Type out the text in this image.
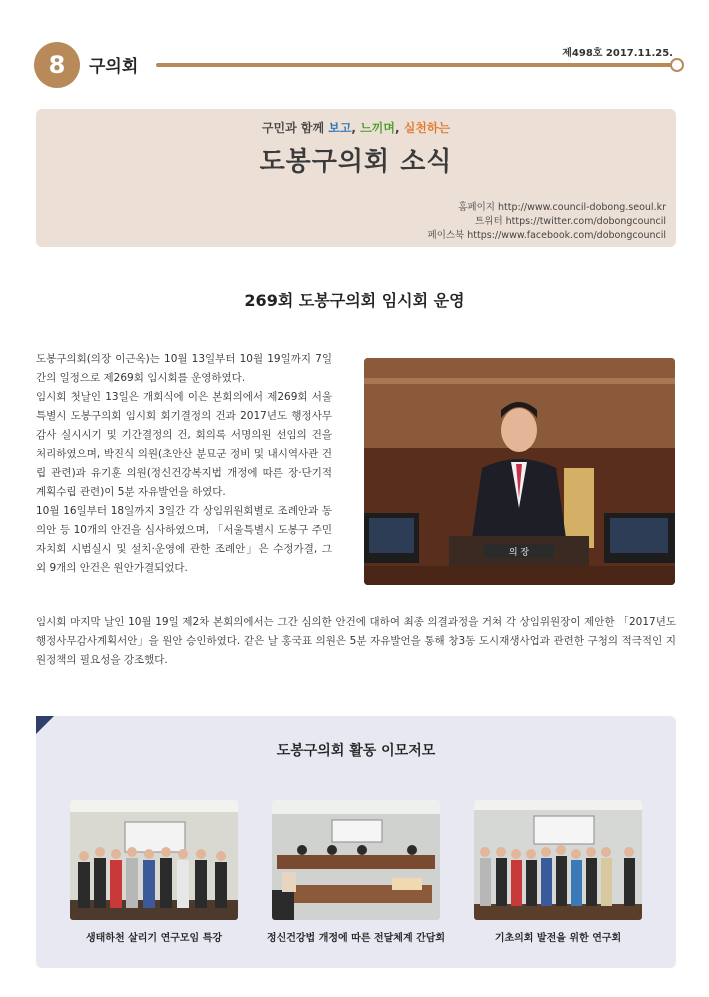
8	구의회
제498호 2017.11.25.
구민과 함께 보고, 느끼며, 실천하는
도봉구의회 소식
홈페이지 http://www.council-dobong.seoul.kr
트위터 https://twitter.com/dobongcouncil
페이스북 https://www.facebook.com/dobongcouncil
269회 도봉구의회 임시회 운영

도봉구의회(의장 이근옥)는 10월 13일부터 10월 19일까지 7일간의 일정으로 제269회 임시회를 운영하였다.

임시회 첫날인 13일은 개회식에 이은 본회의에서 제269회 서울특별시 도봉구의회 임시회 회기결정의 건과 2017년도 행정사무감사 실시시기 및 기간결정의 건, 회의록 서명의원 선임의 건을 처리하였으며, 박진식 의원(초안산 분묘군 정비 및 내시역사관 건립 관련)과 유기훈 의원(정신건강복지법 개정에 따른 장·단기적 계획수립 관련)이 5분 자유발언을 하였다.

10월 16일부터 18일까지 3일간 각 상임위원회별로 조례안과 동의안 등 10개의 안건을 심사하였으며, 「서울특별시 도봉구 주민자치회 시범실시 및 설치·운영에 관한 조례안」은 수정가결, 그 외 9개의 안건은 원안가결되었다.

의 장
임시회 마지막 날인 10월 19일 제2차 본회의에서는 그간 심의한 안건에 대하여 최종 의결과정을 거쳐 각 상임위원장이 제안한 「2017년도 행정사무감사계획서안」을 원안 승인하였다. 같은 날 홍국표 의원은 5분 자유발언을 통해 창3동 도시재생사업과 관련한 구청의 적극적인 지원정책의 필요성을 강조했다.
도봉구의회 활동 이모저모
생태하천 살리기 연구모임 특강	정신건강법 개정에 따른 전달체계 간담회	기초의회 발전을 위한 연구회
